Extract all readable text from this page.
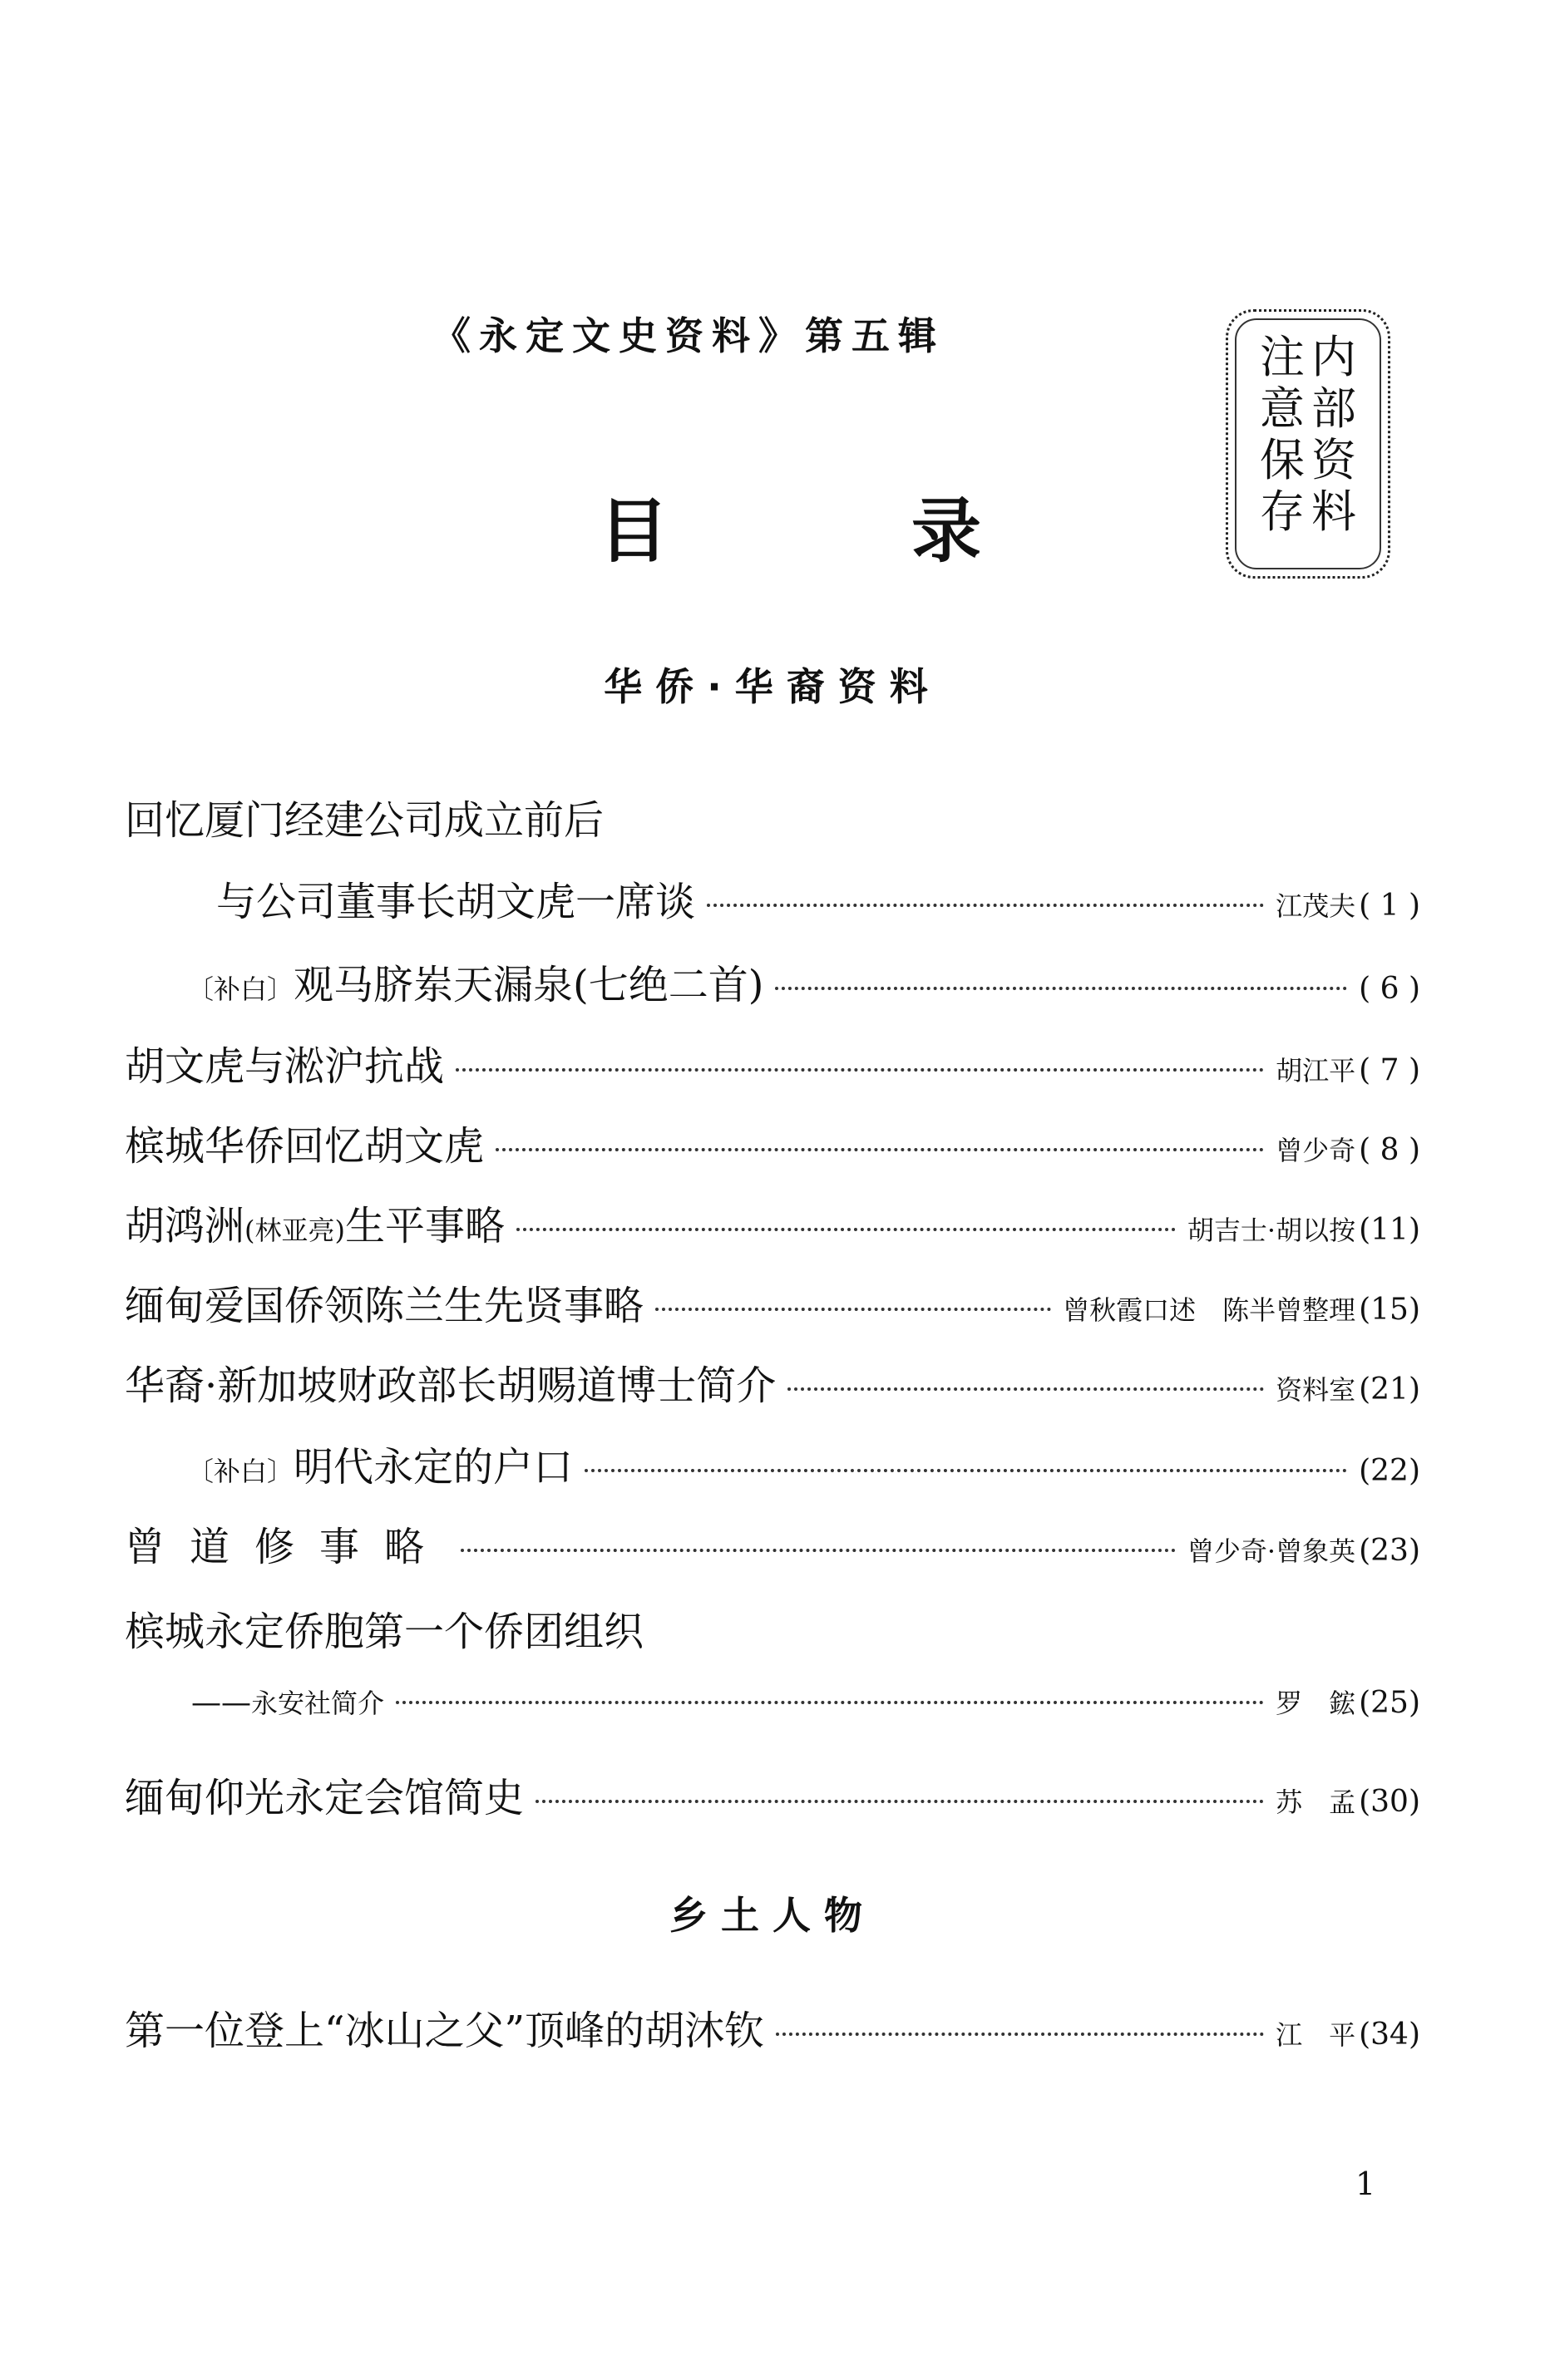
《永定文史资料》第五辑
目	录
内
部
资
料
注
意
保
存
华侨·华裔资料
回忆厦门经建公司成立前后
与公司董事长胡文虎一席谈	江茂夫 ( 1 )
〔补白〕 观马脐岽天漏泉(七绝二首)	( 6 )
胡文虎与淞沪抗战	胡江平 ( 7 )
槟城华侨回忆胡文虎	曾少奇 ( 8 )
胡鸿洲 (林亚亮) 生平事略	胡吉士·胡以按 (11)
缅甸爱国侨领陈兰生先贤事略	曾秋霞口述　陈半曾整理 (15)
华裔·新加坡财政部长胡赐道博士简介	资料室 (21)
〔补白〕 明代永定的户口	(22)
曾道修事略	曾少奇·曾象英 (23)
槟城永定侨胞第一个侨团组织
—— 永安社简介	罗　鋐 (25)
缅甸仰光永定会馆简史	苏　孟 (30)
乡土人物
第一位登上“冰山之父”顶峰的胡沐钦	江　平 (34)
1
